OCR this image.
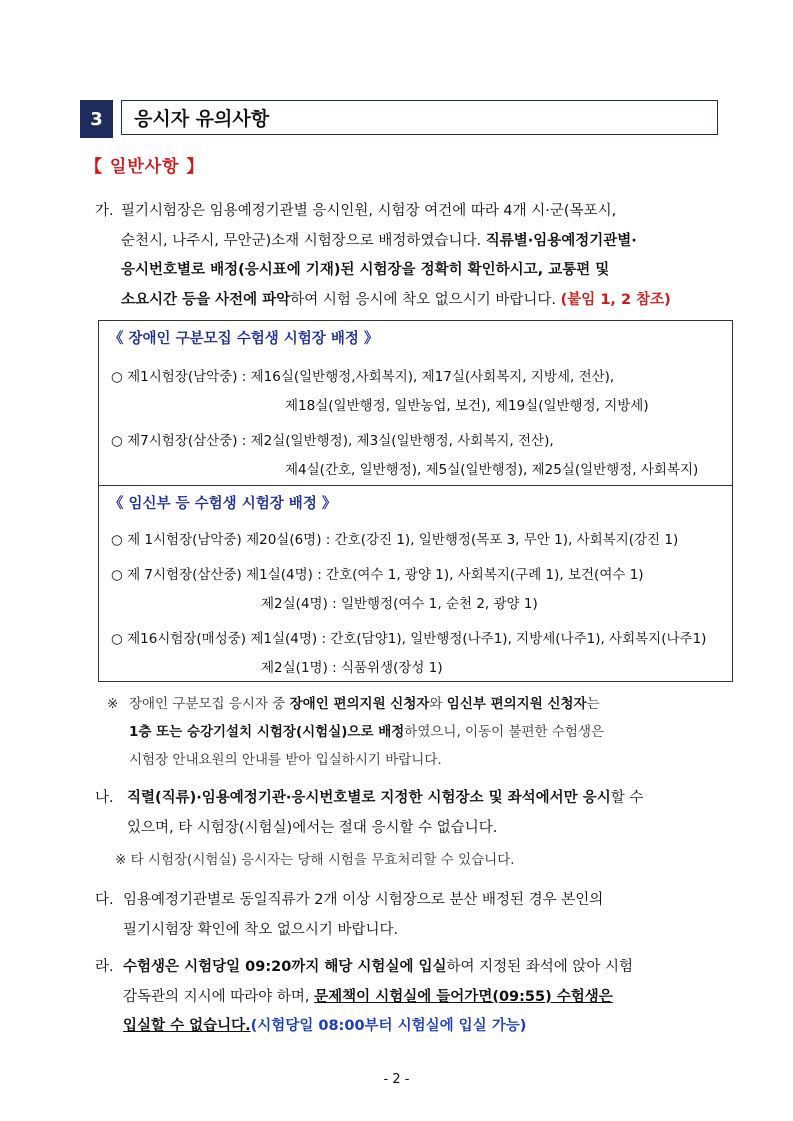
3	응시자 유의사항
【 일반사항 】
가. 필기시험장은 임용예정기관별 응시인원, 시험장 여건에 따라 4개 시·군(목포시,
순천시, 나주시, 무안군)소재 시험장으로 배정하였습니다. 직류별·임용예정기관별·
응시번호별로 배정(응시표에 기재)된 시험장을 정확히 확인하시고, 교통편 및
소요시간 등을 사전에 파악하여 시험 응시에 착오 없으시기 바랍니다. (붙임 1, 2 참조)
《 장애인 구분모집 수험생 시험장 배정 》
○ 제1시험장(남악중) : 제16실(일반행정,사회복지), 제17실(사회복지, 지방세, 전산),
제18실(일반행정, 일반농업, 보건), 제19실(일반행정, 지방세)
○ 제7시험장(삼산중) : 제2실(일반행정), 제3실(일반행정, 사회복지, 전산),
제4실(간호, 일반행정), 제5실(일반행정), 제25실(일반행정, 사회복지)
《 임신부 등 수험생 시험장 배정 》
○ 제 1시험장(남악중) 제20실(6명) : 간호(강진 1), 일반행정(목포 3, 무안 1), 사회복지(강진 1)
○ 제 7시험장(삼산중) 제1실(4명) : 간호(여수 1, 광양 1), 사회복지(구례 1), 보건(여수 1)
제2실(4명) : 일반행정(여수 1, 순천 2, 광양 1)
○ 제16시험장(매성중) 제1실(4명) : 간호(담양1), 일반행정(나주1), 지방세(나주1), 사회복지(나주1)
제2실(1명) : 식품위생(장성 1)
※ 장애인 구분모집 응시자 중 장애인 편의지원 신청자와 임신부 편의지원 신청자는
1층 또는 승강기설치 시험장(시험실)으로 배정하였으니, 이동이 불편한 수험생은
시험장 안내요원의 안내를 받아 입실하시기 바랍니다.
나. 직렬(직류)·임용예정기관·응시번호별로 지정한 시험장소 및 좌석에서만 응시할 수
있으며, 타 시험장(시험실)에서는 절대 응시할 수 없습니다.
※ 타 시험장(시험실) 응시자는 당해 시험을 무효처리할 수 있습니다.
다. 임용예정기관별로 동일직류가 2개 이상 시험장으로 분산 배정된 경우 본인의
필기시험장 확인에 착오 없으시기 바랍니다.
라. 수험생은 시험당일 09:20까지 해당 시험실에 입실하여 지정된 좌석에 앉아 시험
감독관의 지시에 따라야 하며, 문제책이 시험실에 들어가면(09:55) 수험생은
입실할 수 없습니다.(시험당일 08:00부터 시험실에 입실 가능)
- 2 -
